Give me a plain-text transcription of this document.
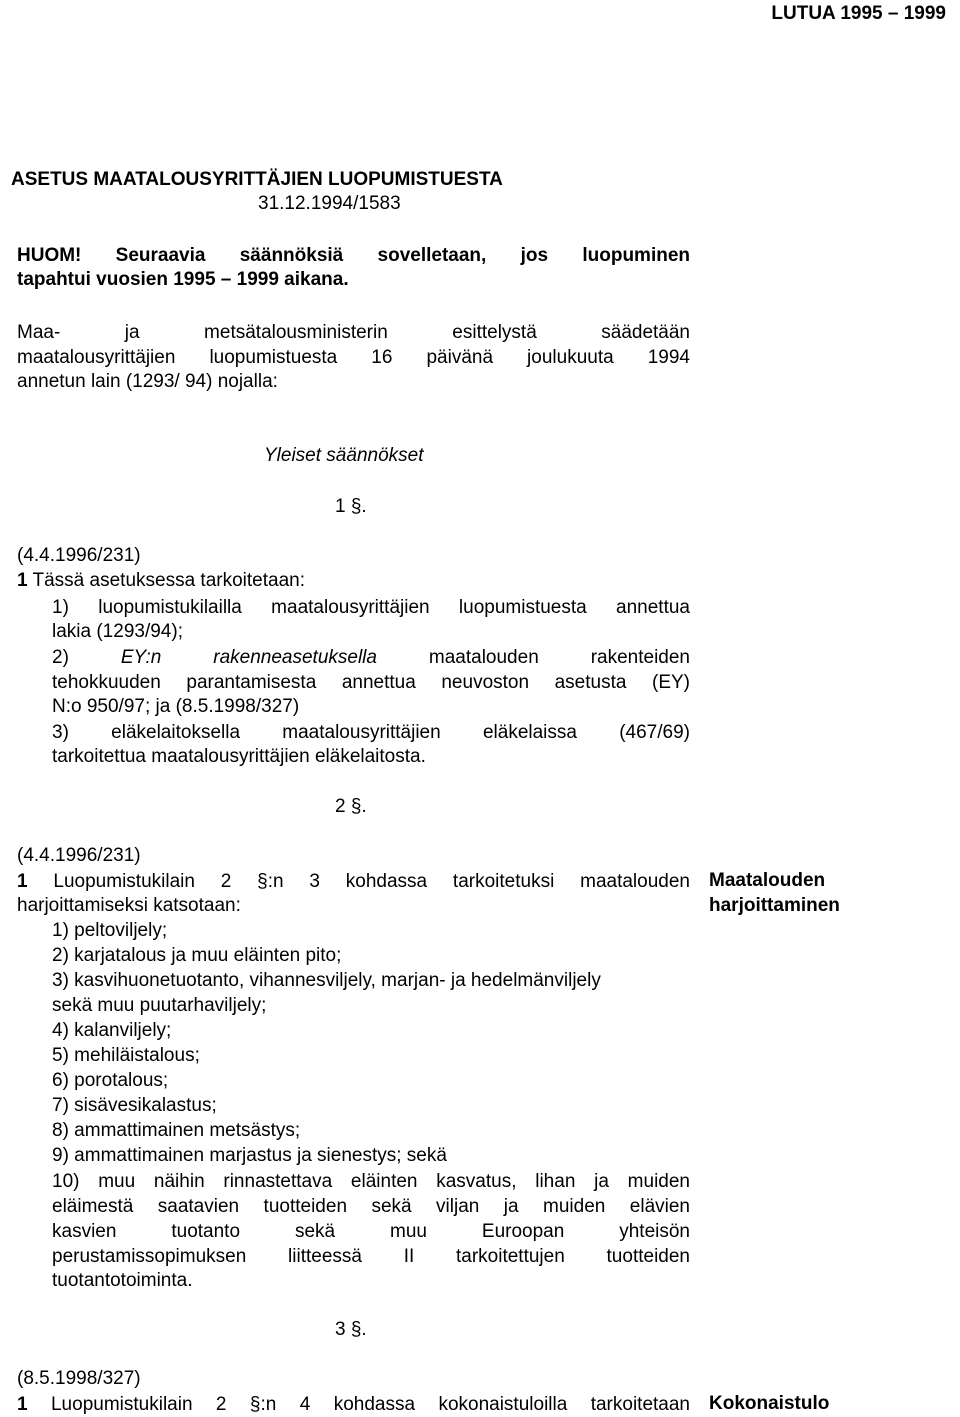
LUTUA 1995 – 1999
ASETUS MAATALOUSYRITTÄJIEN LUOPUMISTUESTA
31.12.1994/1583
HUOM! Seuraavia säännöksiä sovelletaan, jos luopuminen
tapahtui vuosien 1995 – 1999 aikana.
Maa- ja metsätalousministerin esittelystä säädetään
maatalousyrittäjien luopumistuesta 16 päivänä joulukuuta 1994
annetun lain (1293/ 94) nojalla:
Yleiset säännökset
1 §.
(4.4.1996/231)
1 Tässä asetuksessa tarkoitetaan:
1) luopumistukilailla maatalousyrittäjien luopumistuesta annettua
lakia (1293/94);
2) EY:n rakenneasetuksella maatalouden rakenteiden
tehokkuuden parantamisesta annettua neuvoston asetusta (EY)
N:o 950/97; ja (8.5.1998/327)
3) eläkelaitoksella maatalousyrittäjien eläkelaissa (467/69)
tarkoitettua maatalousyrittäjien eläkelaitosta.
2 §.
(4.4.1996/231)
1 Luopumistukilain 2 §:n 3 kohdassa tarkoitetuksi maatalouden
harjoittamiseksi katsotaan:
Maatalouden
harjoittaminen
1) peltoviljely;
2) karjatalous ja muu eläinten pito;
3) kasvihuonetuotanto, vihannesviljely, marjan- ja hedelmänviljely
sekä muu puutarhaviljely;
4) kalanviljely;
5) mehiläistalous;
6) porotalous;
7) sisävesikalastus;
8) ammattimainen metsästys;
9) ammattimainen marjastus ja sienestys; sekä
10) muu näihin rinnastettava eläinten kasvatus, lihan ja muiden
eläimestä saatavien tuotteiden sekä viljan ja muiden elävien
kasvien tuotanto sekä muu Euroopan yhteisön
perustamissopimuksen liitteessä II tarkoitettujen tuotteiden
tuotantotoiminta.
3 §.
(8.5.1998/327)
1 Luopumistukilain 2 §:n 4 kohdassa kokonaistuloilla tarkoitetaan Kokonaistulo
